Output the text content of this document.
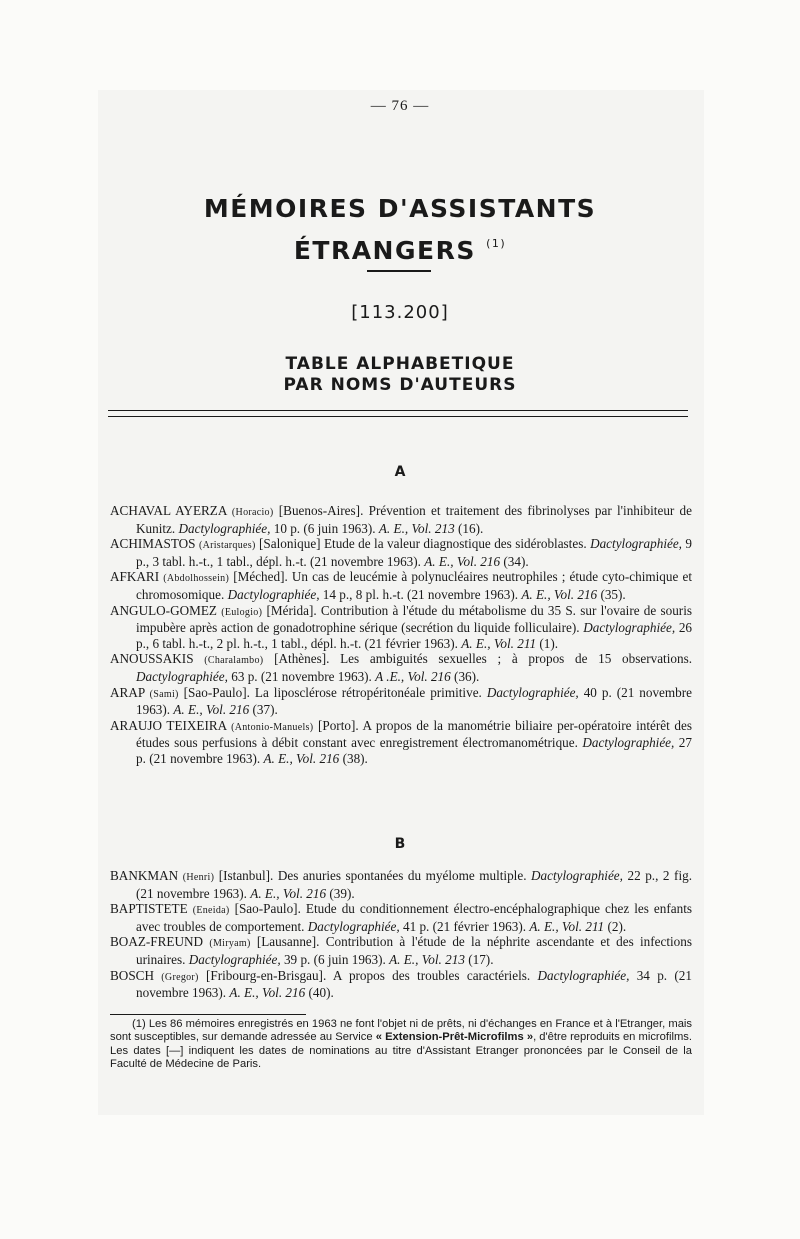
— 76 —
MÉMOIRES D'ASSISTANTS
ÉTRANGERS $^{(1)}$
[113.200]
TABLE ALPHABETIQUE
PAR NOMS D'AUTEURS
A
ACHAVAL AYERZA (Horacio) [Buenos-Aires]. Prévention et traitement des fibrinolyses par l'inhibiteur de Kunitz. Dactylographiée, 10 p. (6 juin 1963). A. E., Vol. 213 (16).
ACHIMASTOS (Aristarques) [Salonique] Etude de la valeur diagnostique des sidéroblastes. Dactylographiée, 9 p., 3 tabl. h.-t., 1 tabl., dépl. h.-t. (21 novembre 1963). A. E., Vol. 216 (34).
AFKARI (Abdolhossein) [Méched]. Un cas de leucémie à polynucléaires neutrophiles ; étude cyto-chimique et chromosomique. Dactylographiée, 14 p., 8 pl. h.-t. (21 novembre 1963). A. E., Vol. 216 (35).
ANGULO-GOMEZ (Eulogio) [Mérida]. Contribution à l'étude du métabolisme du 35 S. sur l'ovaire de souris impubère après action de gonadotrophine sérique (secrétion du liquide folliculaire). Dactylographiée, 26 p., 6 tabl. h.-t., 2 pl. h.-t., 1 tabl., dépl. h.-t. (21 février 1963). A. E., Vol. 211 (1).
ANOUSSAKIS (Charalambo) [Athènes]. Les ambiguités sexuelles ; à propos de 15 observations. Dactylographiée, 63 p. (21 novembre 1963). A .E., Vol. 216 (36).
ARAP (Sami) [Sao-Paulo]. La liposclérose rétropéritonéale primitive. Dactylographiée, 40 p. (21 novembre 1963). A. E., Vol. 216 (37).
ARAUJO TEIXEIRA (Antonio-Manuels) [Porto]. A propos de la manométrie biliaire per-opératoire intérêt des études sous perfusions à débit constant avec enregistrement électromanométrique. Dactylographiée, 27 p. (21 novembre 1963). A. E., Vol. 216 (38).
B
BANKMAN (Henri) [Istanbul]. Des anuries spontanées du myélome multiple. Dactylographiée, 22 p., 2 fig. (21 novembre 1963). A. E., Vol. 216 (39).
BAPTISTETE (Eneida) [Sao-Paulo]. Etude du conditionnement électro-encéphalographique chez les enfants avec troubles de comportement. Dactylographiée, 41 p. (21 février 1963). A. E., Vol. 211 (2).
BOAZ-FREUND (Miryam) [Lausanne]. Contribution à l'étude de la néphrite ascendante et des infections urinaires. Dactylographiée, 39 p. (6 juin 1963). A. E., Vol. 213 (17).
BOSCH (Gregor) [Fribourg-en-Brisgau]. A propos des troubles caractériels. Dactylographiée, 34 p. (21 novembre 1963). A. E., Vol. 216 (40).
(1) Les 86 mémoires enregistrés en 1963 ne font l'objet ni de prêts, ni d'échanges en France et à l'Etranger, mais sont susceptibles, sur demande adressée au Service « Extension-Prêt-Microfilms », d'être reproduits en microfilms. Les dates [—] indiquent les dates de nominations au titre d'Assistant Etranger prononcées par le Conseil de la Faculté de Médecine de Paris.
